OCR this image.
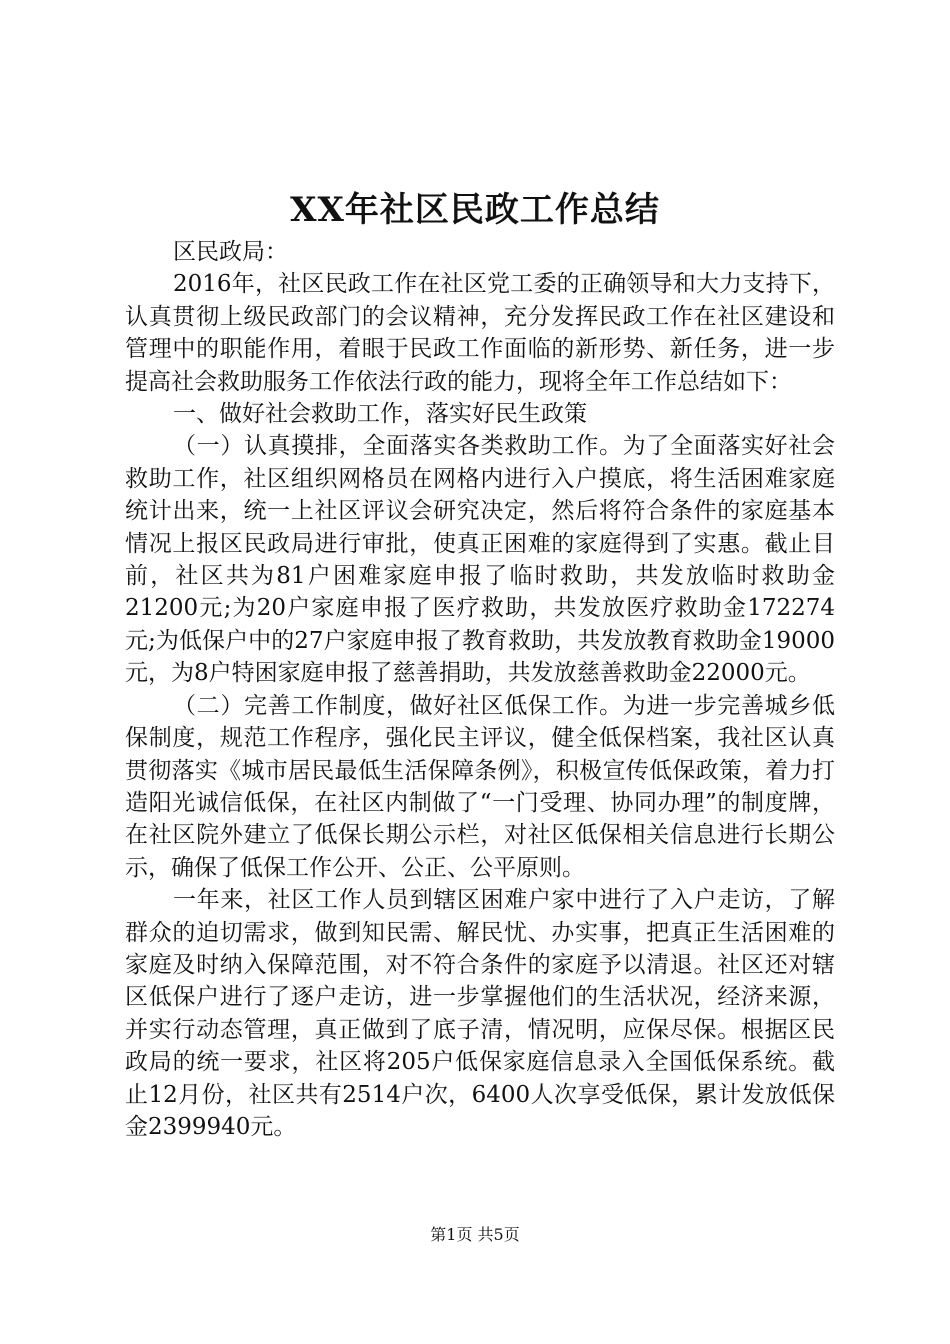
XX年社区民政工作总结

区民政局：

2016年，社区民政工作在社区党工委的正确领导和大力支持下，认真贯彻上级民政部门的会议精神，充分发挥民政工作在社区建设和管理中的职能作用，着眼于民政工作面临的新形势、新任务，进一步提高社会救助服务工作依法行政的能力，现将全年工作总结如下：

一、做好社会救助工作，落实好民生政策

（一）认真摸排，全面落实各类救助工作。为了全面落实好社会救助工作，社区组织网格员在网格内进行入户摸底，将生活困难家庭统计出来，统一上社区评议会研究决定，然后将符合条件的家庭基本情况上报区民政局进行审批，使真正困难的家庭得到了实惠。截止目前，社区共为81户困难家庭申报了临时救助，共发放临时救助金21200元;为20户家庭申报了医疗救助，共发放医疗救助金172274元;为低保户中的27户家庭申报了教育救助，共发放教育救助金19000元，为8户特困家庭申报了慈善捐助，共发放慈善救助金22000元。

（二）完善工作制度，做好社区低保工作。为进一步完善城乡低保制度，规范工作程序，强化民主评议，健全低保档案，我社区认真贯彻落实《城市居民最低生活保障条例》，积极宣传低保政策，着力打造阳光诚信低保，在社区内制做了“一门受理、协同办理”的制度牌，在社区院外建立了低保长期公示栏，对社区低保相关信息进行长期公示，确保了低保工作公开、公正、公平原则。

一年来，社区工作人员到辖区困难户家中进行了入户走访，了解群众的迫切需求，做到知民需、解民忧、办实事，把真正生活困难的家庭及时纳入保障范围，对不符合条件的家庭予以清退。社区还对辖区低保户进行了逐户走访，进一步掌握他们的生活状况，经济来源，并实行动态管理，真正做到了底子清，情况明，应保尽保。根据区民政局的统一要求，社区将205户低保家庭信息录入全国低保系统。截止12月份，社区共有2514户次，6400人次享受低保，累计发放低保金2399940元。

第1页 共5页
